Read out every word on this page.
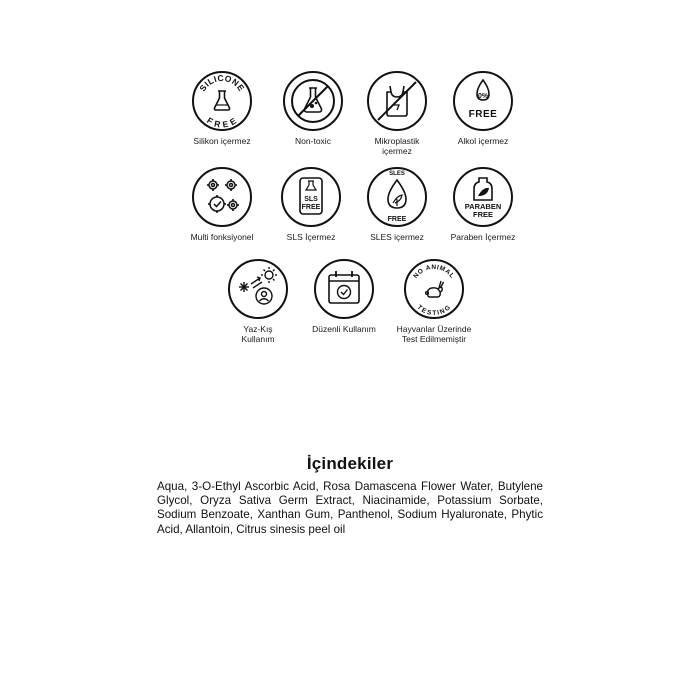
SILICONE
FREE
Silikon içermez	Non-toxic	Mikroplastik
içermez
0%
FREE
Alkol içermez
Multi fonksiyonel
SLS
FREE
SLS İçermez
SLES
FREE
SLES içermez
PARABEN
FREE
Paraben İçermez
Yaz-Kış
Kullanım
Düzenli Kullanım
NO ANIMAL
TESTING
Hayvanlar Üzerinde
Test Edilmemiştir
İçindekiler
Aqua, 3-O-Ethyl Ascorbic Acid, Rosa Damascena Flower Water, Butylene Glycol, Oryza Sativa Germ Extract, Niacinamide, Potassium Sorbate, Sodium Benzoate, Xanthan Gum, Panthenol, Sodium Hyaluronate, Phytic Acid, Allantoin, Citrus sinesis peel oil
